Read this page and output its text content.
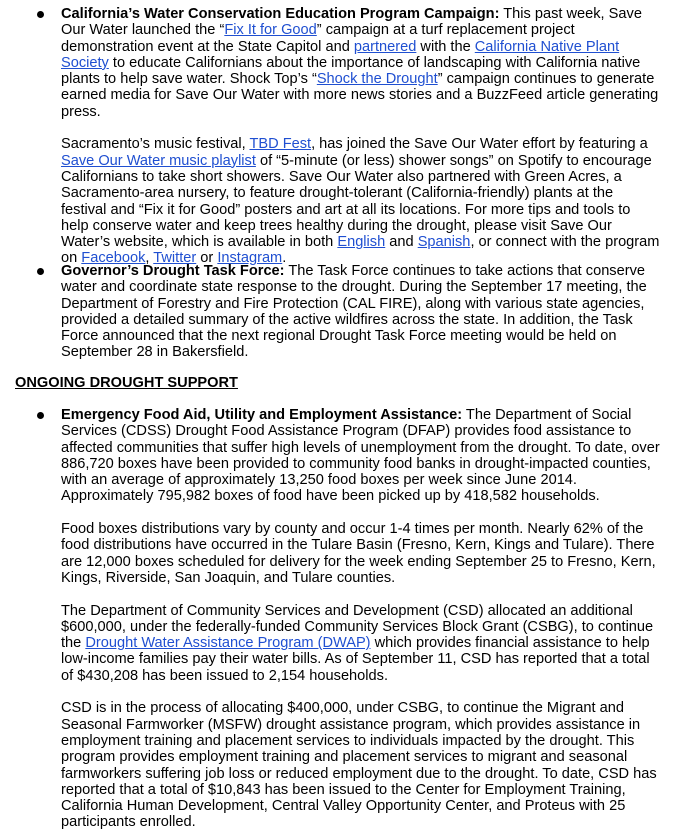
California’s Water Conservation Education Program Campaign: This past week, Save Our Water launched the “Fix It for Good” campaign at a turf replacement project demonstration event at the State Capitol and partnered with the California Native Plant Society to educate Californians about the importance of landscaping with California native plants to help save water. Shock Top’s “Shock the Drought” campaign continues to generate earned media for Save Our Water with more news stories and a BuzzFeed article generating press.

Sacramento’s music festival, TBD Fest, has joined the Save Our Water effort by featuring a Save Our Water music playlist of “5-minute (or less) shower songs” on Spotify to encourage Californians to take short showers. Save Our Water also partnered with Green Acres, a Sacramento-area nursery, to feature drought-tolerant (California-friendly) plants at the festival and “Fix it for Good” posters and art at all its locations. For more tips and tools to help conserve water and keep trees healthy during the drought, please visit Save Our Water’s website, which is available in both English and Spanish, or connect with the program on Facebook, Twitter or Instagram.

Governor’s Drought Task Force: The Task Force continues to take actions that conserve water and coordinate state response to the drought. During the September 17 meeting, the Department of Forestry and Fire Protection (CAL FIRE), along with various state agencies, provided a detailed summary of the active wildfires across the state. In addition, the Task Force announced that the next regional Drought Task Force meeting would be held on September 28 in Bakersfield.

ONGOING DROUGHT SUPPORT

Emergency Food Aid, Utility and Employment Assistance: The Department of Social Services (CDSS) Drought Food Assistance Program (DFAP) provides food assistance to affected communities that suffer high levels of unemployment from the drought. To date, over 886,720 boxes have been provided to community food banks in drought-impacted counties, with an average of approximately 13,250 food boxes per week since June 2014. Approximately 795,982 boxes of food have been picked up by 418,582 households.

Food boxes distributions vary by county and occur 1-4 times per month. Nearly 62% of the food distributions have occurred in the Tulare Basin (Fresno, Kern, Kings and Tulare). There are 12,000 boxes scheduled for delivery for the week ending September 25 to Fresno, Kern, Kings, Riverside, San Joaquin, and Tulare counties.

The Department of Community Services and Development (CSD) allocated an additional $600,000, under the federally-funded Community Services Block Grant (CSBG), to continue the Drought Water Assistance Program (DWAP) which provides financial assistance to help low-income families pay their water bills. As of September 11, CSD has reported that a total of $430,208 has been issued to 2,154 households.

CSD is in the process of allocating $400,000, under CSBG, to continue the Migrant and Seasonal Farmworker (MSFW) drought assistance program, which provides assistance in employment training and placement services to individuals impacted by the drought. This program provides employment training and placement services to migrant and seasonal farmworkers suffering job loss or reduced employment due to the drought. To date, CSD has reported that a total of $10,843 has been issued to the Center for Employment Training, California Human Development, Central Valley Opportunity Center, and Proteus with 25 participants enrolled.
